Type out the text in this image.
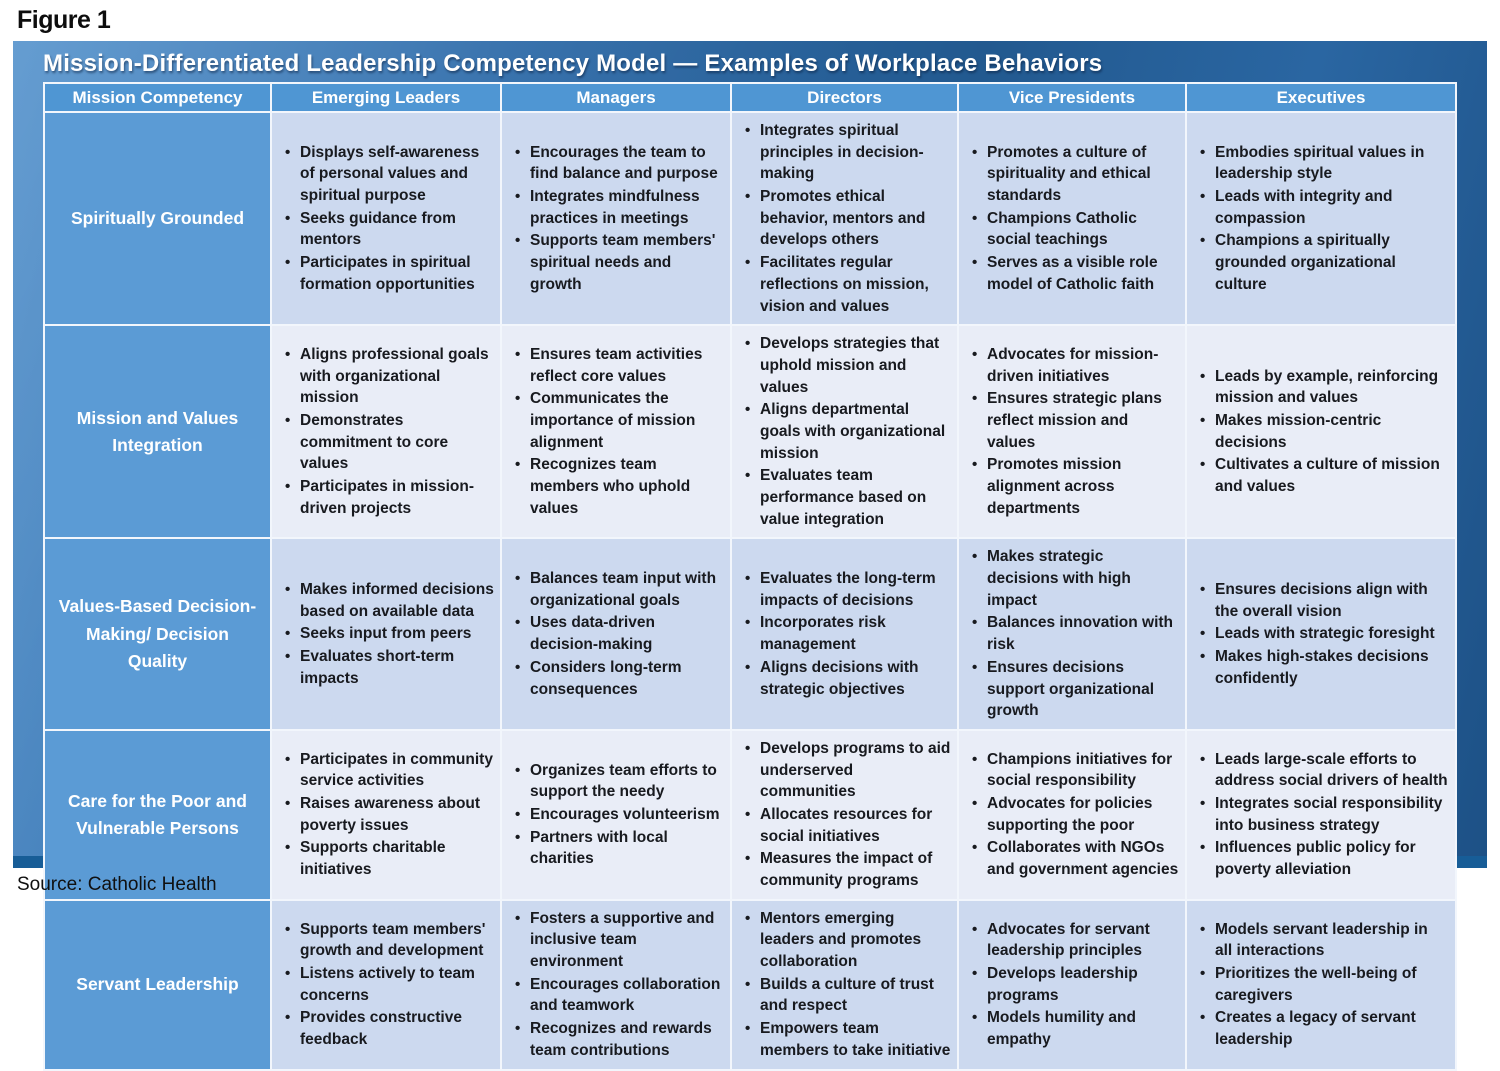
Figure 1
Mission-Differentiated Leadership Competency Model — Examples of Workplace Behaviors
Mission Competency	Emerging Leaders	Managers	Directors	Vice Presidents	Executives
Spiritually Grounded	
• Displays self-awareness of personal values and spiritual purpose
• Seeks guidance from mentors
• Participates in spiritual formation opportunities

• Encourages the team to find balance and purpose
• Integrates mindfulness practices in meetings
• Supports team members' spiritual needs and growth

• Integrates spiritual principles in decision-making
• Promotes ethical behavior, mentors and develops others
• Facilitates regular reflections on mission, vision and values

• Promotes a culture of spirituality and ethical standards
• Champions Catholic social teachings
• Serves as a visible role model of Catholic faith

• Embodies spiritual values in leadership style
• Leads with integrity and compassion
• Champions a spiritually grounded organizational culture

Mission and Values Integration	
• Aligns professional goals with organizational mission
• Demonstrates commitment to core values
• Participates in mission-driven projects

• Ensures team activities reflect core values
• Communicates the importance of mission alignment
• Recognizes team members who uphold values

• Develops strategies that uphold mission and values
• Aligns departmental goals with organizational mission
• Evaluates team performance based on value integration

• Advocates for mission-driven initiatives
• Ensures strategic plans reflect mission and values
• Promotes mission alignment across departments

• Leads by example, reinforcing mission and values
• Makes mission-centric decisions
• Cultivates a culture of mission and values

Values-Based Decision-Making/ Decision Quality	
• Makes informed decisions based on available data
• Seeks input from peers
• Evaluates short-term impacts

• Balances team input with organizational goals
• Uses data-driven decision-making
• Considers long-term consequences

• Evaluates the long-term impacts of decisions
• Incorporates risk management
• Aligns decisions with strategic objectives

• Makes strategic decisions with high impact
• Balances innovation with risk
• Ensures decisions support organizational growth

• Ensures decisions align with the overall vision
• Leads with strategic foresight
• Makes high-stakes decisions confidently

Care for the Poor and Vulnerable Persons	
• Participates in community service activities
• Raises awareness about poverty issues
• Supports charitable initiatives

• Organizes team efforts to support the needy
• Encourages volunteerism
• Partners with local charities

• Develops programs to aid underserved communities
• Allocates resources for social initiatives
• Measures the impact of community programs

• Champions initiatives for social responsibility
• Advocates for policies supporting the poor
• Collaborates with NGOs and government agencies

• Leads large-scale efforts to address social drivers of health
• Integrates social responsibility into business strategy
• Influences public policy for poverty alleviation

Servant Leadership	
• Supports team members' growth and development
• Listens actively to team concerns
• Provides constructive feedback

• Fosters a supportive and inclusive team environment
• Encourages collaboration and teamwork
• Recognizes and rewards team contributions

• Mentors emerging leaders and promotes collaboration
• Builds a culture of trust and respect
• Empowers team members to take initiative

• Advocates for servant leadership principles
• Develops leadership programs
• Models humility and empathy

• Models servant leadership in all interactions
• Prioritizes the well-being of caregivers
• Creates a legacy of servant leadership
Source: Catholic Health
